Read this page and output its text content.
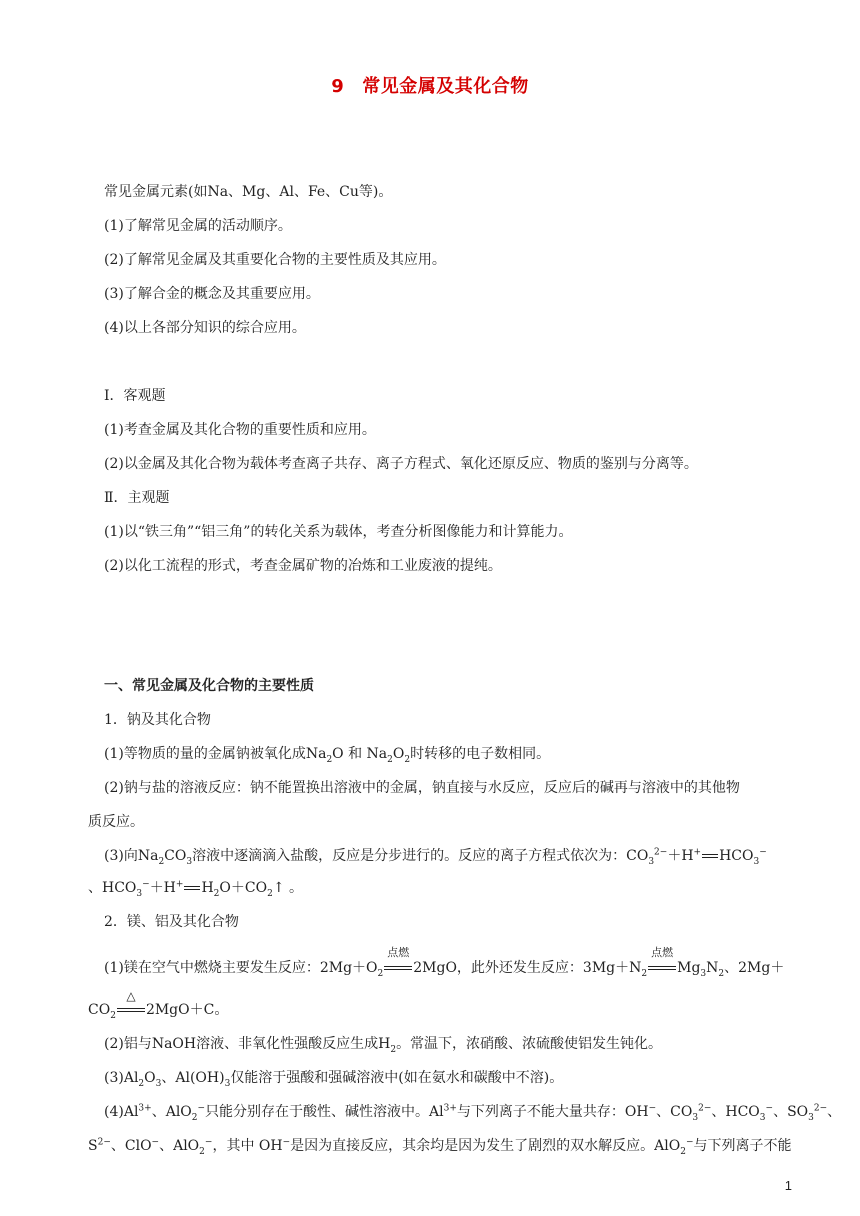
9 常见金属及其化合物
常见金属元素(如Na、Mg、Al、Fe、Cu等)。
(1)了解常见金属的活动顺序。
(2)了解常见金属及其重要化合物的主要性质及其应用。
(3)了解合金的概念及其重要应用。
(4)以上各部分知识的综合应用。
Ⅰ．客观题
(1)考查金属及其化合物的重要性质和应用。
(2)以金属及其化合物为载体考查离子共存、离子方程式、氧化还原反应、物质的鉴别与分离等。
Ⅱ．主观题
(1)以“铁三角”“铝三角”的转化关系为载体，考查分析图像能力和计算能力。
(2)以化工流程的形式，考查金属矿物的冶炼和工业废液的提纯。
一、常见金属及化合物的主要性质
1．钠及其化合物
(1)等物质的量的金属钠被氧化成$Na_2O$ 和 $Na_2O_2$时转移的电子数相同。
(2)钠与盐的溶液反应：钠不能置换出溶液中的金属，钠直接与水反应，反应后的碱再与溶液中的其他物
质反应。
(3)向$Na_2CO_3$溶液中逐滴滴入盐酸，反应是分步进行的。反应的离子方程式依次为：$CO_3^{2-}+H^+$ $HCO_3^-$
、$HCO_3^-+H^+$ $H_2O+CO_2↑$ 。
2．镁、铝及其化合物
(1)镁在空气中燃烧主要发生反应：$2Mg+O_2$
点燃
2MgO，此外还发生反应：$3Mg+N_2$
点燃
$Mg_3N_2$、2Mg＋
$CO_2$
△
2MgO＋C。
(2)铝与NaOH溶液、非氧化性强酸反应生成$H_2$。常温下，浓硝酸、浓硫酸使铝发生钝化。
$(3)Al_2O_3$、$Al(OH)_3$仅能溶于强酸和强碱溶液中(如在氨水和碳酸中不溶)。
$(4)Al^{3+}$、AlO$_2$−只能分别存在于酸性、碱性溶液中。$Al^{3+}$与下列离子不能大量共存：OH−、$CO_3^{2-}$、$HCO_3^-$、$SO_3^{2-}$、
$S^{2-}$、ClO−、AlO$_2$−，其中 OH−是因为直接反应，其余均是因为发生了剧烈的双水解反应。AlO$_2$−与下列离子不能
1
